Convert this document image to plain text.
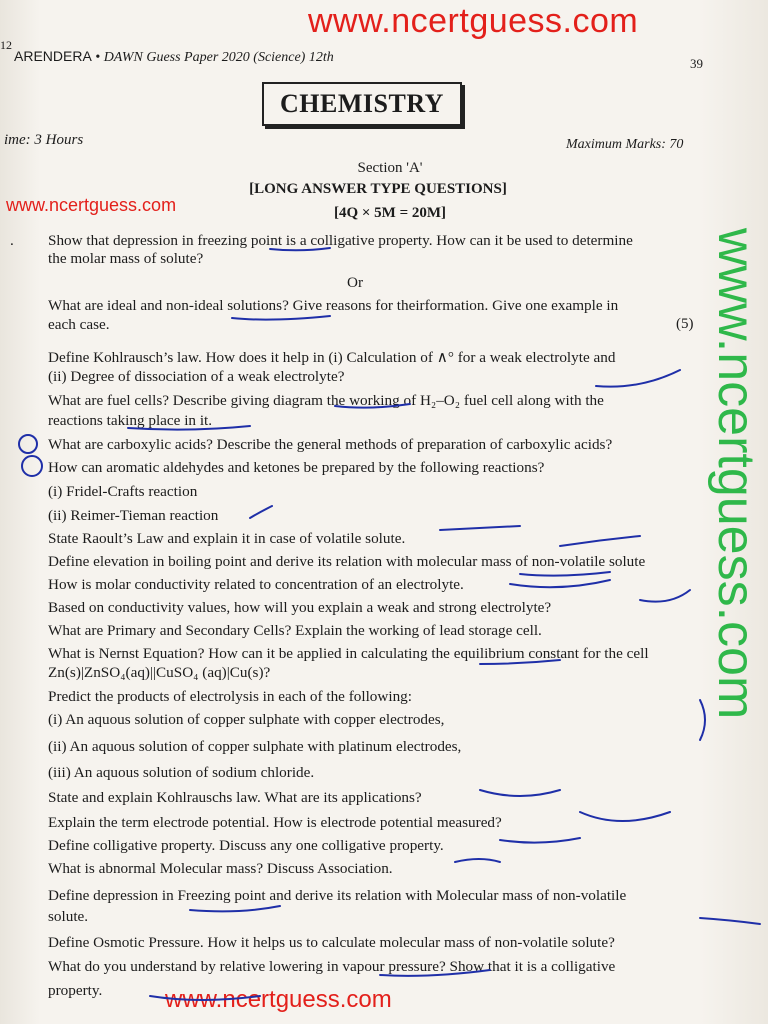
www.ncertguess.com
12
ARENDERA • DAWN Guess Paper 2020 (Science) 12th	39
CHEMISTRY
ime: 3 Hours	Maximum Marks: 70
Section 'A'
[LONG ANSWER TYPE QUESTIONS]
[4Q × 5M = 20M]
www.ncertguess.com
. Show that depression in freezing point is a colligative property. How can it be used to determine
the molar mass of solute?
Or
What are ideal and non-ideal solutions? Give reasons for theirformation. Give one example in
each case.	(5)
Define Kohlrausch’s law. How does it help in (i) Calculation of ∧° for a weak electrolyte and
(ii) Degree of dissociation of a weak electrolyte?
What are fuel cells? Describe giving diagram the working of H₂–O₂ fuel cell along with the
reactions taking place in it.
What are carboxylic acids? Describe the general methods of preparation of carboxylic acids?
How can aromatic aldehydes and ketones be prepared by the following reactions?
(i) Fridel-Crafts reaction
(ii) Reimer-Tieman reaction
State Raoult’s Law and explain it in case of volatile solute.
Define elevation in boiling point and derive its relation with molecular mass of non-volatile solute
How is molar conductivity related to concentration of an electrolyte.
Based on conductivity values, how will you explain a weak and strong electrolyte?
What are Primary and Secondary Cells? Explain the working of lead storage cell.
What is Nernst Equation? How can it be applied in calculating the equilibrium constant for the cell
Zn(s)|ZnSO₄(aq)||CuSO₄ (aq)|Cu(s)?
Predict the products of electrolysis in each of the following:
(i) An aquous solution of copper sulphate with copper electrodes,
(ii) An aquous solution of copper sulphate with platinum electrodes,
(iii) An aquous solution of sodium chloride.
State and explain Kohlrauschs law. What are its applications?
Explain the term electrode potential. How is electrode potential measured?
Define colligative property. Discuss any one colligative property.
What is abnormal Molecular mass? Discuss Association.
Define depression in Freezing point and derive its relation with Molecular mass of non-volatile
solute.
Define Osmotic Pressure. How it helps us to calculate molecular mass of non-volatile solute?
What do you understand by relative lowering in vapour pressure? Show that it is a colligative
property.
www.ncertguess.com
www.ncertguess.com
